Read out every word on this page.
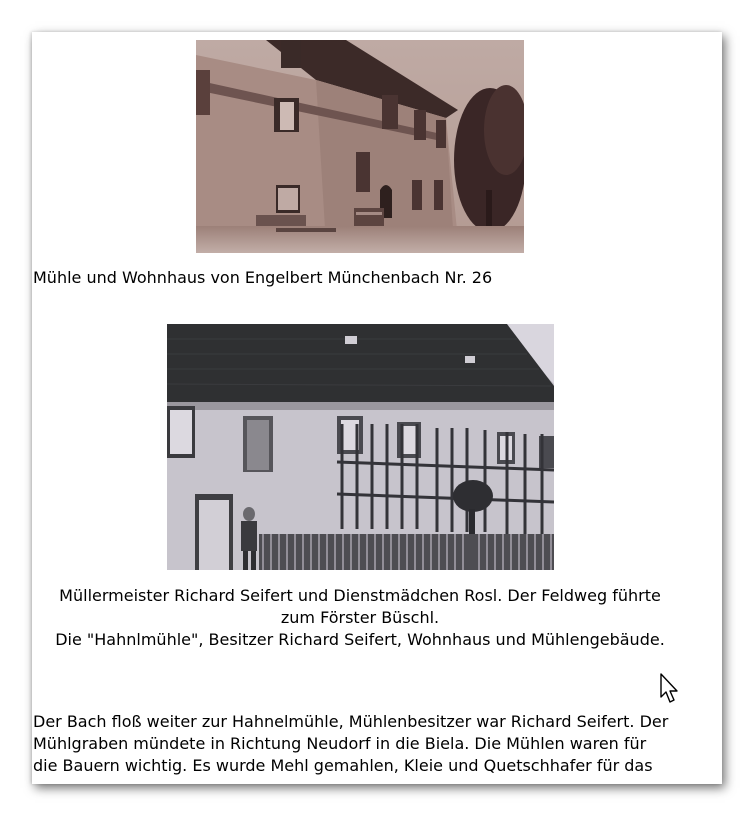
Mühle und Wohnhaus von Engelbert Münchenbach Nr. 26
Müllermeister Richard Seifert und Dienstmädchen Rosl. Der Feldweg führte
zum Förster Büschl.
Die "Hahnlmühle", Besitzer Richard Seifert, Wohnhaus und Mühlengebäude.
Der Bach floß weiter zur Hahnelmühle, Mühlenbesitzer war Richard Seifert. Der
Mühlgraben mündete in Richtung Neudorf in die Biela. Die Mühlen waren für
die Bauern wichtig. Es wurde Mehl gemahlen, Kleie und Quetschhafer für das
